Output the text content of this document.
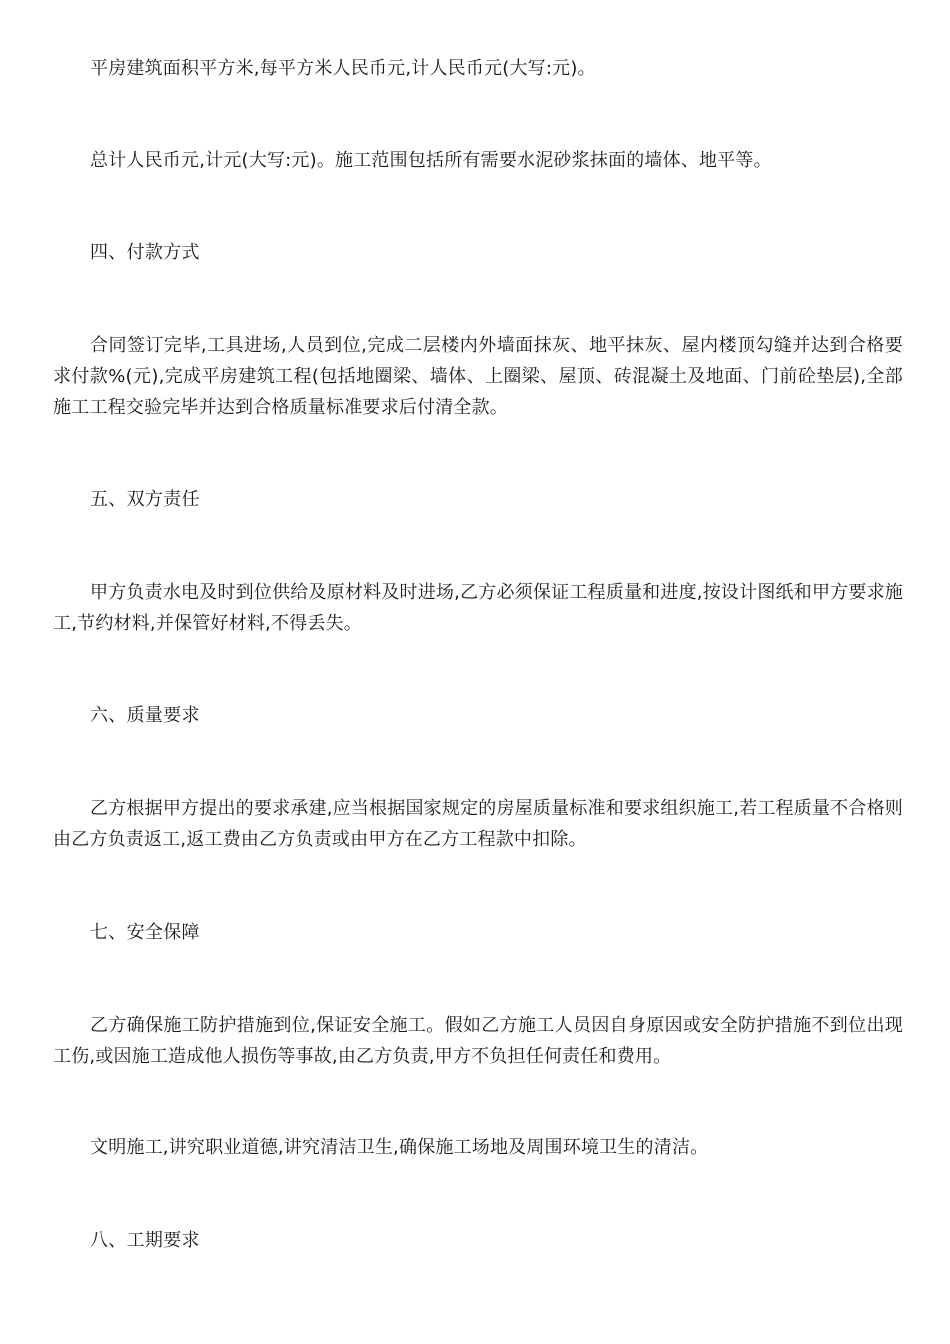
平房建筑面积平方米,每平方米人民币元,计人民币元(大写:元)。

总计人民币元,计元(大写:元)。施工范围包括所有需要水泥砂浆抹面的墙体、地平等。

四、付款方式

合同签订完毕,工具进场,人员到位,完成二层楼内外墙面抹灰、地平抹灰、屋内楼顶勾缝并达到合格要求付款%(元),完成平房建筑工程(包括地圈梁、墙体、上圈梁、屋顶、砖混凝土及地面、门前砼垫层),全部施工工程交验完毕并达到合格质量标准要求后付清全款。

五、双方责任

甲方负责水电及时到位供给及原材料及时进场,乙方必须保证工程质量和进度,按设计图纸和甲方要求施工,节约材料,并保管好材料,不得丢失。

六、质量要求

乙方根据甲方提出的要求承建,应当根据国家规定的房屋质量标准和要求组织施工,若工程质量不合格则由乙方负责返工,返工费由乙方负责或由甲方在乙方工程款中扣除。

七、安全保障

乙方确保施工防护措施到位,保证安全施工。假如乙方施工人员因自身原因或安全防护措施不到位出现工伤,或因施工造成他人损伤等事故,由乙方负责,甲方不负担任何责任和费用。

文明施工,讲究职业道德,讲究清洁卫生,确保施工场地及周围环境卫生的清洁。

八、工期要求
